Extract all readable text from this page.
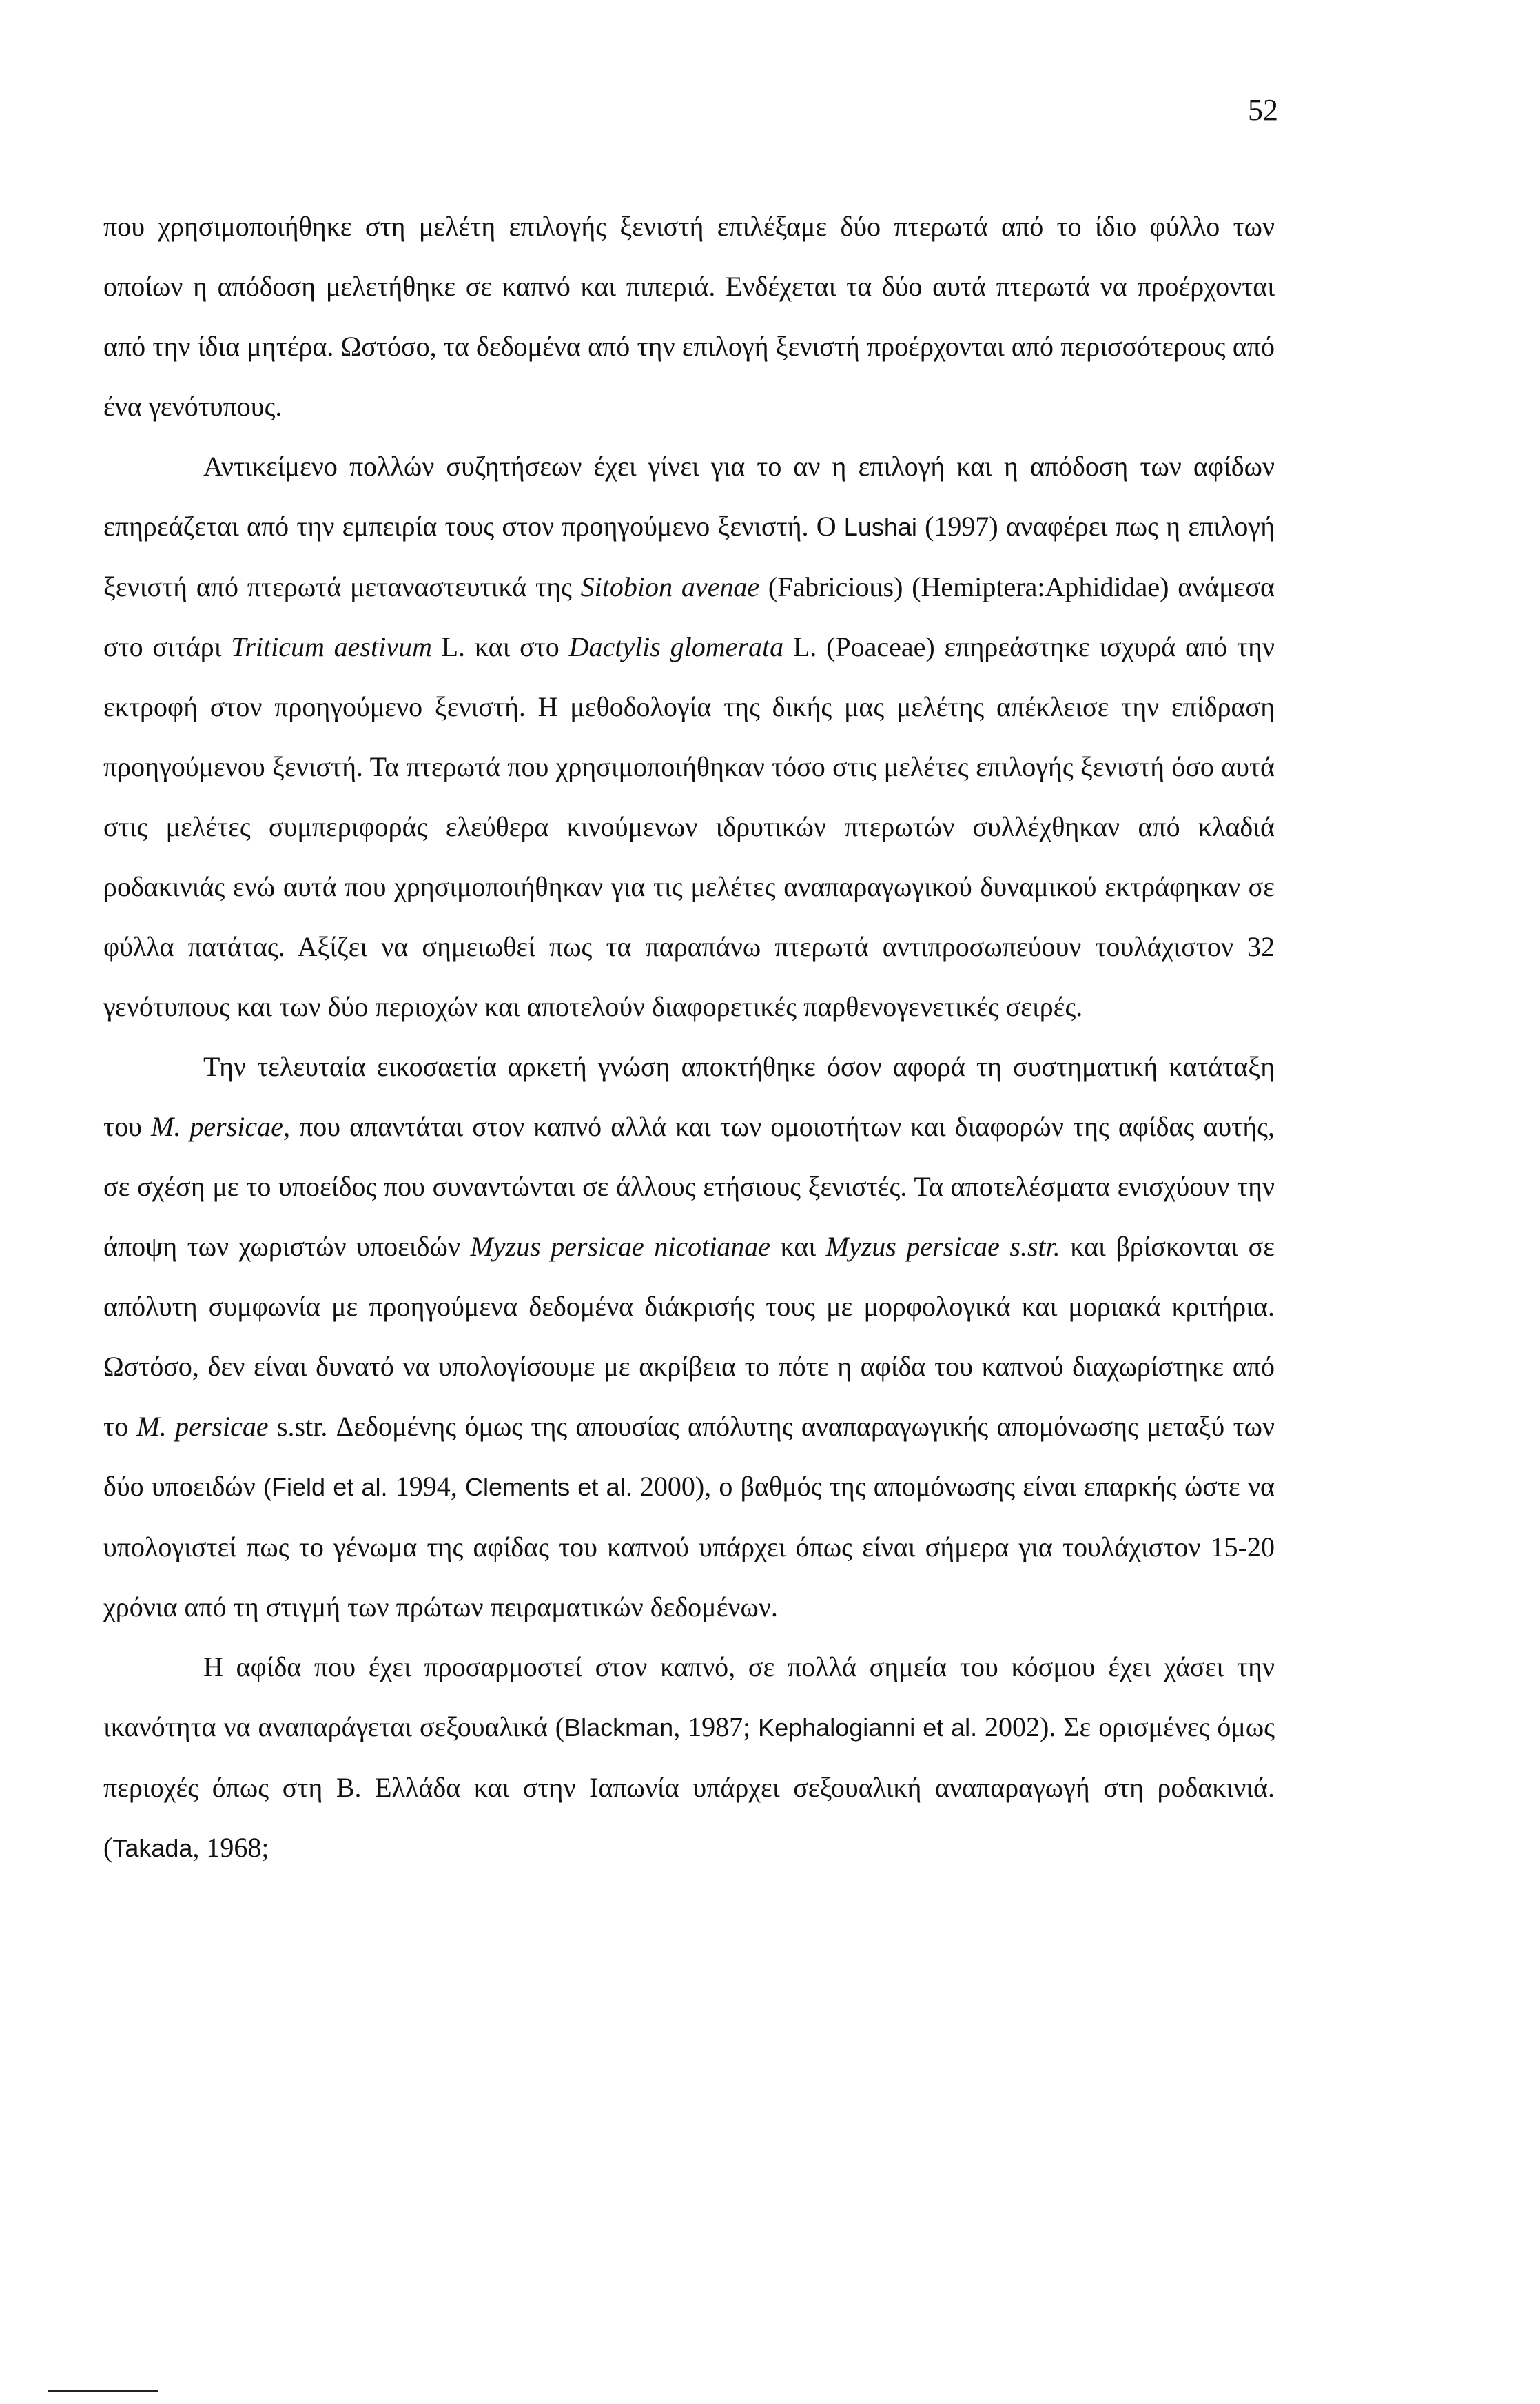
52

που χρησιμοποιήθηκε στη μελέτη επιλογής ξενιστή επιλέξαμε δύο πτερωτά από το ίδιο φύλλο των οποίων η απόδοση μελετήθηκε σε καπνό και πιπεριά. Ενδέχεται τα δύο αυτά πτερωτά να προέρχονται από την ίδια μητέρα. Ωστόσο, τα δεδομένα από την επιλογή ξενιστή προέρχονται από περισσότερους από ένα γενότυπους.

Αντικείμενο πολλών συζητήσεων έχει γίνει για το αν η επιλογή και η απόδοση των αφίδων επηρεάζεται από την εμπειρία τους στον προηγούμενο ξενιστή. Ο Lushai (1997) αναφέρει πως η επιλογή ξενιστή από πτερωτά μεταναστευτικά της Sitobion avenae (Fabricious) (Hemiptera:Aphididae) ανάμεσα στο σιτάρι Triticum aestivum L. και στο Dactylis glomerata L. (Poaceae) επηρεάστηκε ισχυρά από την εκτροφή στον προηγούμενο ξενιστή. Η μεθοδολογία της δικής μας μελέτης απέκλεισε την επίδραση προηγούμενου ξενιστή. Τα πτερωτά που χρησιμοποιήθηκαν τόσο στις μελέτες επιλογής ξενιστή όσο αυτά στις μελέτες συμπεριφοράς ελεύθερα κινούμενων ιδρυτικών πτερωτών συλλέχθηκαν από κλαδιά ροδακινιάς ενώ αυτά που χρησιμοποιήθηκαν για τις μελέτες αναπαραγωγικού δυναμικού εκτράφηκαν σε φύλλα πατάτας. Αξίζει να σημειωθεί πως τα παραπάνω πτερωτά αντιπροσωπεύουν τουλάχιστον 32 γενότυπους και των δύο περιοχών και αποτελούν διαφορετικές παρθενογενετικές σειρές.

Την τελευταία εικοσαετία αρκετή γνώση αποκτήθηκε όσον αφορά τη συστηματική κατάταξη του M. persicae, που απαντάται στον καπνό αλλά και των ομοιοτήτων και διαφορών της αφίδας αυτής, σε σχέση με το υποείδος που συναντώνται σε άλλους ετήσιους ξενιστές. Τα αποτελέσματα ενισχύουν την άποψη των χωριστών υποειδών Myzus persicae nicotianae και Myzus persicae s.str. και βρίσκονται σε απόλυτη συμφωνία με προηγούμενα δεδομένα διάκρισής τους με μορφολογικά και μοριακά κριτήρια. Ωστόσο, δεν είναι δυνατό να υπολογίσουμε με ακρίβεια το πότε η αφίδα του καπνού διαχωρίστηκε από το M. persicae s.str. Δεδομένης όμως της απουσίας απόλυτης αναπαραγωγικής απομόνωσης μεταξύ των δύο υποειδών (Field et al. 1994, Clements et al. 2000), ο βαθμός της απομόνωσης είναι επαρκής ώστε να υπολογιστεί πως το γένωμα της αφίδας του καπνού υπάρχει όπως είναι σήμερα για τουλάχιστον 15-20 χρόνια από τη στιγμή των πρώτων πειραματικών δεδομένων.

Η αφίδα που έχει προσαρμοστεί στον καπνό, σε πολλά σημεία του κόσμου έχει χάσει την ικανότητα να αναπαράγεται σεξουαλικά (Blackman, 1987; Kephalogianni et al. 2002). Σε ορισμένες όμως περιοχές όπως στη Β. Ελλάδα και στην Ιαπωνία υπάρχει σεξουαλική αναπαραγωγή στη ροδακινιά. (Takada, 1968;
